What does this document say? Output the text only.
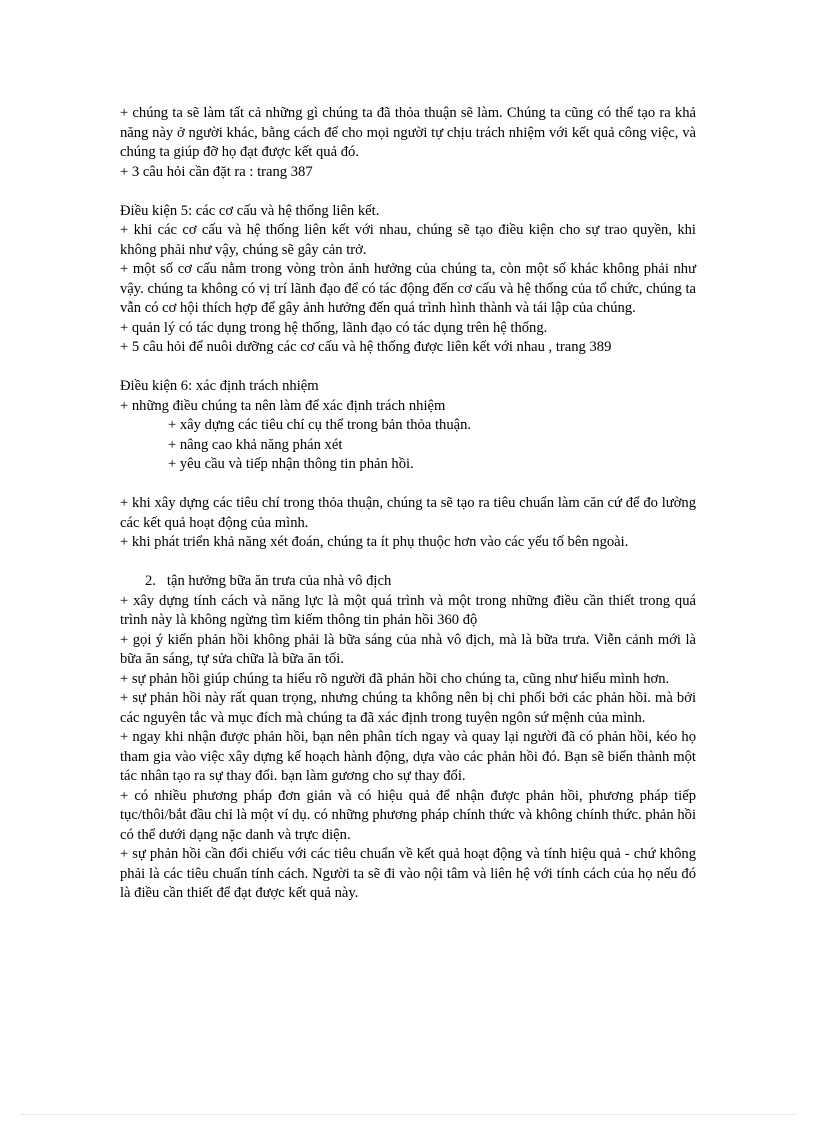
+ chúng ta sẽ làm tất cả những gì chúng ta đã thỏa thuận sẽ làm. Chúng ta cũng có thể tạo ra khả năng này ở người khác, bằng cách để cho mọi người tự chịu trách nhiệm với kết quả công việc, và chúng ta giúp đỡ họ đạt được kết quả đó.

+ 3 câu hỏi cần đặt ra : trang 387

Điều kiện 5: các cơ cấu và hệ thống liên kết.

+ khi các cơ cấu và hệ thống liên kết với nhau, chúng sẽ tạo điều kiện cho sự trao quyền, khi không phải như vậy, chúng sẽ gây cản trở.

+ một số cơ cấu nằm trong vòng tròn ảnh hưởng của chúng ta, còn một số khác không phải như vậy. chúng ta không có vị trí lãnh đạo để có tác động đến cơ cấu và hệ thống của tổ chức, chúng ta vẫn có cơ hội thích hợp để gây ảnh hưởng đến quá trình hình thành và tái lập của chúng.

+ quản lý có tác dụng trong hệ thống, lãnh đạo có tác dụng trên hệ thống.

+ 5 câu hỏi để nuôi dưỡng các cơ cấu và hệ thống được liên kết với nhau , trang 389

Điều kiện 6: xác định trách nhiệm

+ những điều chúng ta nên làm để xác định trách nhiệm

+ xây dựng các tiêu chí cụ thể trong bản thỏa thuận.

+ nâng cao khả năng phán xét

+ yêu cầu và tiếp nhận thông tin phản hồi.

+ khi xây dựng các tiêu chí trong thỏa thuận, chúng ta sẽ tạo ra tiêu chuẩn làm căn cứ để đo lường các kết quả hoạt động của mình.

+ khi phát triển khả năng xét đoán, chúng ta ít phụ thuộc hơn vào các yếu tố bên ngoài.

2. tận hưởng bữa ăn trưa của nhà vô địch

+ xây dựng tính cách và năng lực là một quá trình và một trong những điều cần thiết trong quá trình này là không ngừng tìm kiếm thông tin phản hồi 360 độ

+ gọi ý kiến phản hồi không phải là bữa sáng của nhà vô địch, mà là bữa trưa. Viễn cảnh mới là bữa ăn sáng, tự sửa chữa là bữa ăn tối.

+ sự phản hồi giúp chúng ta hiểu rõ người đã phản hồi cho chúng ta, cũng như hiểu mình hơn.

+ sự phản hồi này rất quan trọng, nhưng chúng ta không nên bị chi phối bởi các phản hồi. mà bởi các nguyên tắc và mục đích mà chúng ta đã xác định trong tuyên ngôn sứ mệnh của mình.

+ ngay khi nhận được phản hồi, bạn nên phân tích ngay và quay lại người đã có phản hồi, kéo họ tham gia vào việc xây dựng kế hoạch hành động, dựa vào các phản hồi đó. Bạn sẽ biến thành một tác nhân tạo ra sự thay đổi. bạn làm gương cho sự thay đổi.

+ có nhiều phương pháp đơn giản và có hiệu quả để nhận được phản hồi, phương pháp tiếp tục/thôi/bắt đầu chỉ là một ví dụ. có những phương pháp chính thức và không chính thức. phản hồi có thể dưới dạng nặc danh và trực diện.

+ sự phản hồi cần đối chiếu với các tiêu chuẩn về kết quả hoạt động và tính hiệu quả - chứ không phải là các tiêu chuẩn tính cách. Người ta sẽ đi vào nội tâm và liên hệ với tính cách của họ nếu đó là điều cần thiết để đạt được kết quả này.
